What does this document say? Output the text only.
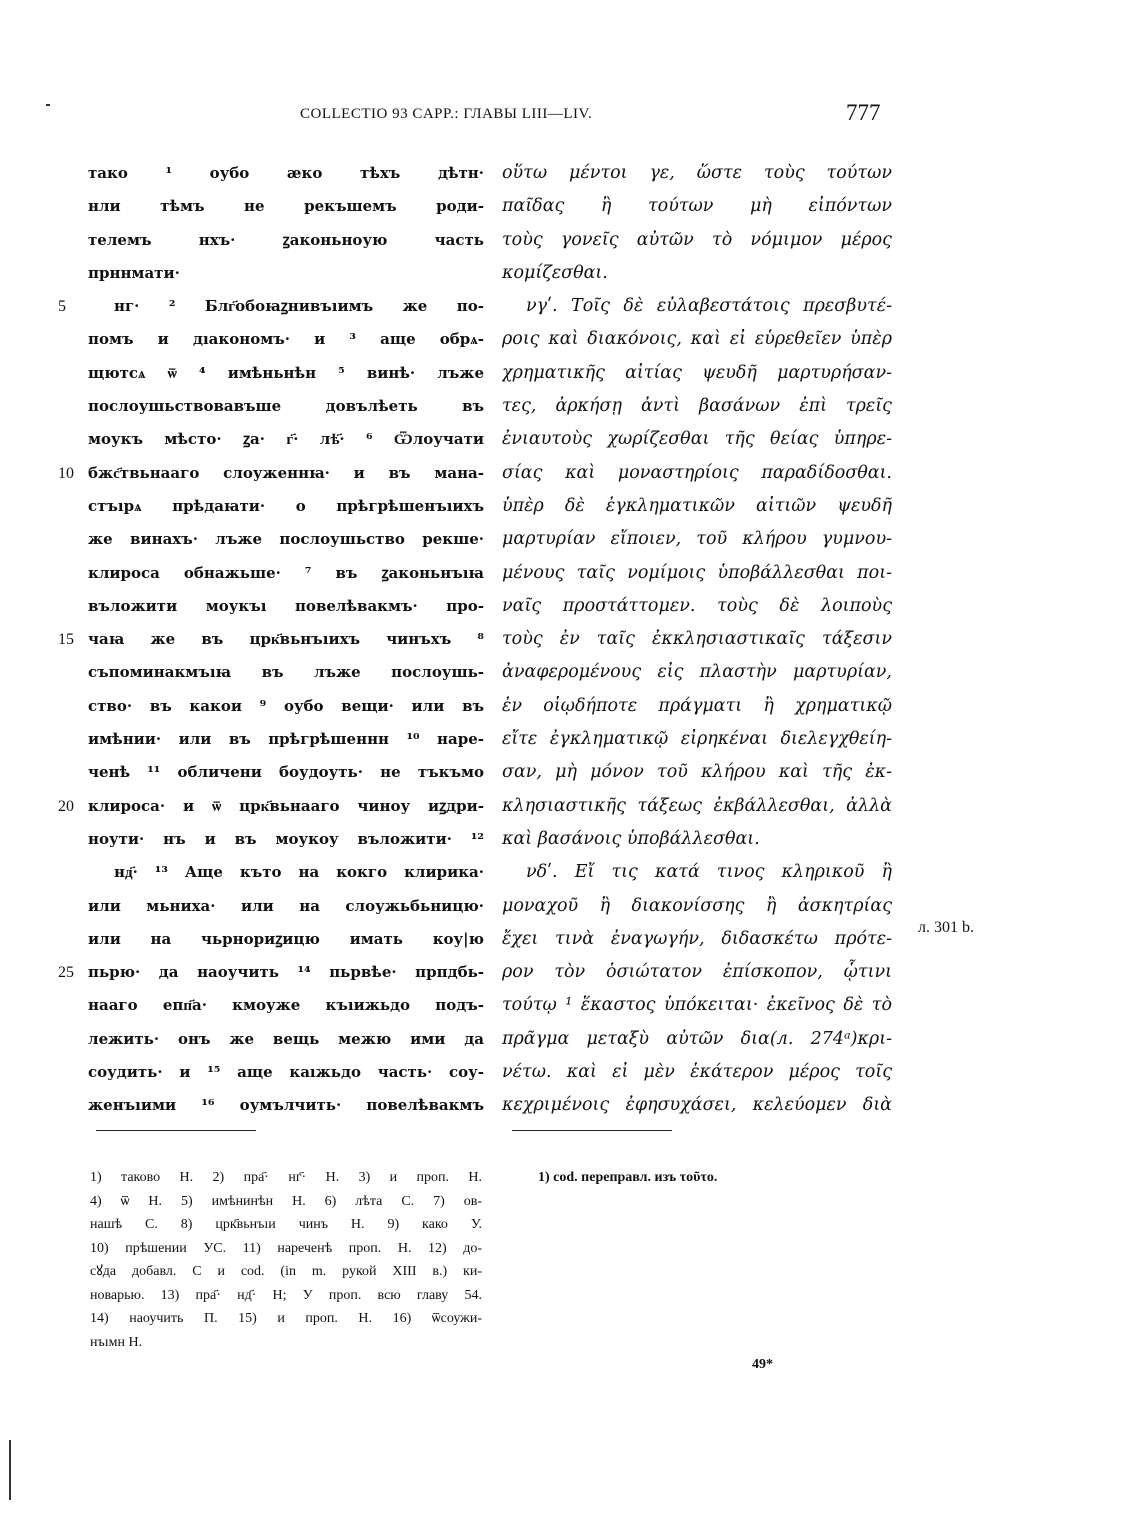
COLLECTIO 93 CAPP.: ГЛАВЫ LIII—LIV.	777
5
10
15
20
25
тако ¹ оубо ӕко тѣхъ дѣтн·
нли тѣмъ не рекъшемъ роди-
телемъ нхъ· ꙁаконьноую часть
прннмати·
нг· ² Блг҃обоꙗꙁнивъıимъ же по-
помъ и дıакономъ· и ³ аще обрѧ-
щютсѧ ѿ ⁴ имѣньнѣн ⁵ винѣ· лъже
послоушьствовавъше довълѣеть въ
моукъ мѣсто· ꙁа· г҃· лѣ҃· ⁶ Ѿлоучати
бжс҃твьнааго слоуженнꙗ· и въ мана-
стъıрѧ прѣдаꙗти· о прѣгрѣшенъıихъ
же винахъ· лъже послоушьство рекше·
клироса обнажьше· ⁷ въ ꙁаконьнъıꙗ
въложити моукъı повелѣвакмъ· про-
чаꙗ же въ црк҃вьнъıихъ чинъхъ ⁸
съпоминакмъıꙗ въ лъже послоушь-
ство· въ какои ⁹ оубо вещи· или въ
имѣнии· или въ прѣгрѣшеннн ¹⁰ наре-
ченѣ ¹¹ обличени боудоуть· не тъкъмо
клироса· и ѿ црк҃вьнааго чиноу иꙁдри-
ноути· нъ и въ моукоу въложити· ¹²
нд҃· ¹³ Аще къто на кокго клирика·
или мьниха· или на слоужьбьницю·
или на чьрнориꙁицю имать коу|ю
пьрю· да наоучить ¹⁴ пьрвѣе· прпдбь-
нааго епп҃а· кмоуже къıижьдо подъ-
лежить· онъ же вещь межю ими да
соудить· и ¹⁵ аще каıжьдо часть· соу-
женъıими ¹⁶ оумълчить· повелѣвакмъ
οὕτω μέντοι γε, ὥστε τοὺς τούτων
παῖδας ἢ τούτων μὴ εἰπόντων
τοὺς γονεῖς αὐτῶν τὸ νόμιμον μέρος
κομίζεσθαι.
νγʹ. Τοῖς δὲ εὐλαβεστάτοις πρεσβυτέ-
ροις καὶ διακόνοις, καὶ εἰ εὑρεθεῖεν ὑπὲρ
χρηματικῆς αἰτίας ψευδῆ μαρτυρήσαν-
τες, ἀρκήσῃ ἀντὶ βασάνων ἐπὶ τρεῖς
ἐνιαυτοὺς χωρίζεσθαι τῆς θείας ὑπηρε-
σίας καὶ μοναστηρίοις παραδίδοσθαι.
ὑπὲρ δὲ ἐγκληματικῶν αἰτιῶν ψευδῆ
μαρτυρίαν εἴποιεν, τοῦ κλήρου γυμνου-
μένους ταῖς νομίμοις ὑποβάλλεσθαι ποι-
ναῖς προστάττομεν. τοὺς δὲ λοιποὺς
τοὺς ἐν ταῖς ἐκκλησιαστικαῖς τάξεσιν
ἀναφερομένους εἰς πλαστὴν μαρτυρίαν,
ἐν οἱῳδήποτε πράγματι ἢ χρηματικῷ
εἴτε ἐγκληματικῷ εἰρηκέναι διελεγχθείη-
σαν, μὴ μόνον τοῦ κλήρου καὶ τῆς ἐκ-
κλησιαστικῆς τάξεως ἐκβάλλεσθαι, ἀλλὰ
καὶ βασάνοις ὑποβάλλεσθαι.
νδʹ. Εἴ τις κατά τινος κληρικοῦ ἢ
μοναχοῦ ἢ διακονίσσης ἢ ἀσκητρίας
ἔχει τινὰ ἐναγωγήν, διδασκέτω πρότε-
ρον τὸν ὁσιώτατον ἐπίσκοπον, ᾧτινι
τούτῳ ¹ ἕκαστος ὑπόκειται· ἐκεῖνος δὲ τὸ
πρᾶγμα μεταξὺ αὐτῶν δια(л. 274ᵃ)κρι-
νέτω. καὶ εἰ μὲν ἑκάτερον μέρος τοῖς
κεχριμένοις ἐφησυχάσει, κελεύομεν διὰ
л. 301 b.
1) таково Н. 2) пра҃· нг҃· Н. 3) и проп. Н.
4) ѿ Н. 5) имѣнинѣн Н. 6) лѣта С. 7) ов-
нашѣ С. 8) црк҃вьнъıи чинъ Н. 9) како У.
10) прѣшении УС. 11) нареченѣ проп. Н. 12) до-
сꙋда добавл. С и cod. (in m. рукой XIII в.) ки-
новарью. 13) пра҃· нд҃· Н; У проп. всю главу 54.
14) наоучить П. 15) и проп. Н. 16) ѿсоужи-
нъıмн Н.
1) cod. переправл. изъ τοῦτο.
49*
